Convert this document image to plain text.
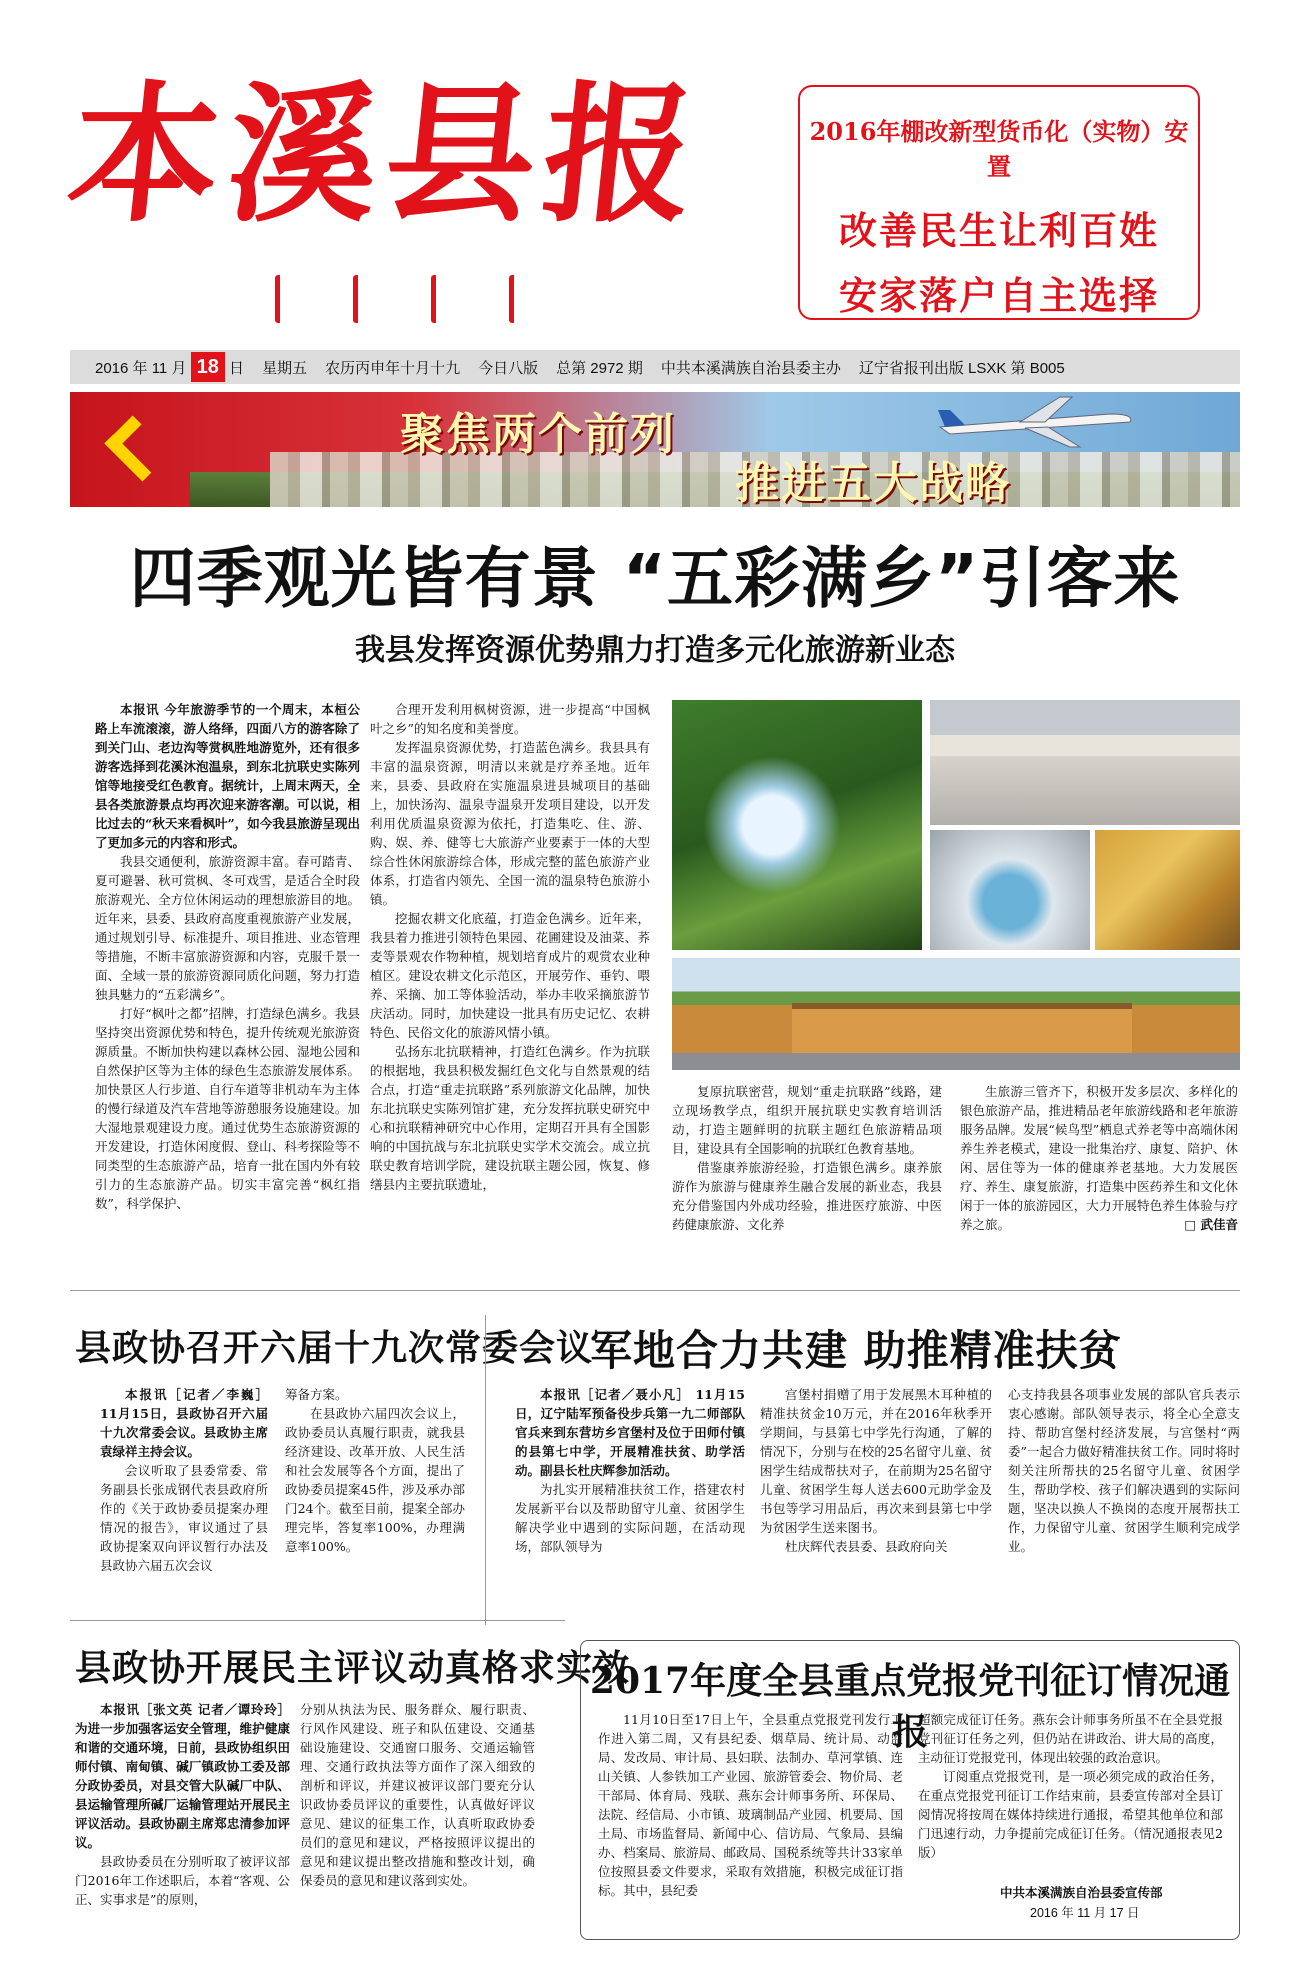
本溪县报	2016年棚改新型货币化（实物）安置
改善民生让利百姓
安家落户自主选择
2016 年 11 月 18 日 星期五 农历丙申年十月十九 今日八版 总第 2972 期 中共本溪满族自治县委主办 辽宁省报刊出版 LSXK 第 B005
聚焦两个前列
推进五大战略
四季观光皆有景 “五彩满乡”引客来
我县发挥资源优势鼎力打造多元化旅游新业态

本报讯 今年旅游季节的一个周末，本桓公路上车流滚滚，游人络绎，四面八方的游客除了到关门山、老边沟等赏枫胜地游览外，还有很多游客选择到花溪沐泡温泉，到东北抗联史实陈列馆等地接受红色教育。据统计，上周末两天，全县各类旅游景点均再次迎来游客潮。可以说，相比过去的“秋天来看枫叶”，如今我县旅游呈现出了更加多元的内容和形式。

我县交通便利，旅游资源丰富。春可踏青、夏可避暑、秋可赏枫、冬可戏雪，是适合全时段旅游观光、全方位休闲运动的理想旅游目的地。近年来，县委、县政府高度重视旅游产业发展，通过规划引导、标准提升、项目推进、业态管理等措施，不断丰富旅游资源和内容，克服千景一面、全域一景的旅游资源同质化问题，努力打造独具魅力的“五彩满乡”。

打好“枫叶之都”招牌，打造绿色满乡。我县坚持突出资源优势和特色，提升传统观光旅游资源质量。不断加快构建以森林公园、湿地公园和自然保护区等为主体的绿色生态旅游发展体系。加快景区人行步道、自行车道等非机动车为主体的慢行绿道及汽车营地等游憩服务设施建设。加大湿地景观建设力度。通过优势生态旅游资源的开发建设，打造休闲度假、登山、科考探险等不同类型的生态旅游产品，培育一批在国内外有较引力的生态旅游产品。切实丰富完善“枫红指数”，科学保护、

合理开发利用枫树资源，进一步提高“中国枫叶之乡”的知名度和美誉度。

发挥温泉资源优势，打造蓝色满乡。我县具有丰富的温泉资源，明清以来就是疗养圣地。近年来，县委、县政府在实施温泉进县城项目的基础上，加快汤沟、温泉寺温泉开发项目建设，以开发利用优质温泉资源为依托，打造集吃、住、游、购、娱、养、健等七大旅游产业要素于一体的大型综合性休闲旅游综合体，形成完整的蓝色旅游产业体系，打造省内领先、全国一流的温泉特色旅游小镇。

挖掘农耕文化底蕴，打造金色满乡。近年来，我县着力推进引领特色果园、花圃建设及油菜、荞麦等景观农作物种植，规划培育成片的观赏农业种植区。建设农耕文化示范区，开展劳作、垂钓、喂养、采摘、加工等体验活动，举办丰收采摘旅游节庆活动。同时，加快建设一批具有历史记忆、农耕特色、民俗文化的旅游风情小镇。

弘扬东北抗联精神，打造红色满乡。作为抗联的根据地，我县积极发掘红色文化与自然景观的结合点，打造“重走抗联路”系列旅游文化品牌，加快东北抗联史实陈列馆扩建，充分发挥抗联史研究中心和抗联精神研究中心作用，定期召开具有全国影响的中国抗战与东北抗联史实学术交流会。成立抗联史教育培训学院，建设抗联主题公园，恢复、修缮县内主要抗联遗址，

复原抗联密营，规划“重走抗联路”线路，建立现场教学点，组织开展抗联史实教育培训活动，打造主题鲜明的抗联主题红色旅游精品项目，建设具有全国影响的抗联红色教育基地。

借鉴康养旅游经验，打造银色满乡。康养旅游作为旅游与健康养生融合发展的新业态，我县充分借鉴国内外成功经验，推进医疗旅游、中医药健康旅游、文化养

生旅游三管齐下，积极开发多层次、多样化的银色旅游产品，推进精品老年旅游线路和老年旅游服务品牌。发展“候鸟型”栖息式养老等中高端休闲养生养老模式，建设一批集治疗、康复、陪护、休闲、居住等为一体的健康养老基地。大力发展医疗、养生、康复旅游，打造集中医药养生和文化休闲于一体的旅游园区，大力开展特色养生体验与疗养之旅。	□ 武佳音
县政协召开六届十九次常委会议

本报讯［记者／李巍］ 11月15日，县政协召开六届十九次常委会议。县政协主席袁绿祥主持会议。

会议听取了县委常委、常务副县长张成钢代表县政府所作的《关于政协委员提案办理情况的报告》，审议通过了县政协提案双向评议暂行办法及县政协六届五次会议

筹备方案。

在县政协六届四次会议上，政协委员认真履行职责，就我县经济建设、改革开放、人民生活和社会发展等各个方面，提出了政协委员提案45件，涉及承办部门24个。截至目前，提案全部办理完毕，答复率100%，办理满意率100%。

军地合力共建 助推精准扶贫

本报讯［记者／聂小凡］ 11月15日，辽宁陆军预备役步兵第一九二师部队官兵来到东营坊乡宫堡村及位于田师付镇的县第七中学，开展精准扶贫、助学活动。副县长杜庆辉参加活动。

为扎实开展精准扶贫工作，搭建农村发展新平台以及帮助留守儿童、贫困学生解决学业中遇到的实际问题，在活动现场，部队领导为

宫堡村捐赠了用于发展黑木耳种植的精准扶贫金10万元，并在2016年秋季开学期间，与县第七中学先行沟通，了解的情况下，分别与在校的25名留守儿童、贫困学生结成帮扶对子，在前期为25名留守儿童、贫困学生每人送去600元助学金及书包等学习用品后，再次来到县第七中学为贫困学生送来图书。

杜庆辉代表县委、县政府向关

心支持我县各项事业发展的部队官兵表示衷心感谢。部队领导表示，将全心全意支持、帮助宫堡村经济发展，与宫堡村“两委”一起合力做好精准扶贫工作。同时将时刻关注所帮扶的25名留守儿童、贫困学生，帮助学校、孩子们解决遇到的实际问题，坚决以换人不换岗的态度开展帮扶工作，力保留守儿童、贫困学生顺利完成学业。

县政协开展民主评议动真格求实效

本报讯［张文英 记者／谭玲玲］ 为进一步加强客运安全管理，维护健康和谐的交通环境，日前，县政协组织田师付镇、南甸镇、碱厂镇政协工委及部分政协委员，对县交管大队碱厂中队、县运输管理所碱厂运输管理站开展民主评议活动。县政协副主席郑忠清参加评议。

县政协委员在分别听取了被评议部门2016年工作述职后，本着“客观、公正、实事求是”的原则，

分别从执法为民、服务群众、履行职责、行风作风建设、班子和队伍建设、交通基础设施建设、交通窗口服务、交通运输管理、交通行政执法等方面作了深入细致的剖析和评议，并建议被评议部门要充分认识政协委员评议的重要性，认真做好评议意见、建议的征集工作，认真听取政协委员们的意见和建议，严格按照评议提出的意见和建议提出整改措施和整改计划，确保委员的意见和建议落到实处。

2017年度全县重点党报党刊征订情况通报

11月10日至17日上午，全县重点党报党刊发行工作进入第二周，又有县纪委、烟草局、统计局、动监局、发改局、审计局、县妇联、法制办、草河掌镇、连山关镇、人参铁加工产业园、旅游管委会、物价局、老干部局、体育局、残联、燕东会计师事务所、环保局、法院、经信局、小市镇、玻璃制品产业园、机要局、国土局、市场监督局、新闻中心、信访局、气象局、县编办、档案局、旅游局、邮政局、国税系统等共计33家单位按照县委文件要求，采取有效措施，积极完成征订指标。其中，县纪委

超额完成征订任务。燕东会计师事务所虽不在全县党报党刊征订任务之列，但仍站在讲政治、讲大局的高度，主动征订党报党刊，体现出较强的政治意识。

订阅重点党报党刊，是一项必须完成的政治任务，在重点党报党刊征订工作结束前，县委宣传部对全县订阅情况将按周在媒体持续进行通报，希望其他单位和部门迅速行动，力争提前完成征订任务。（情况通报表见2版）

中共本溪满族自治县委宣传部
2016 年 11 月 17 日
